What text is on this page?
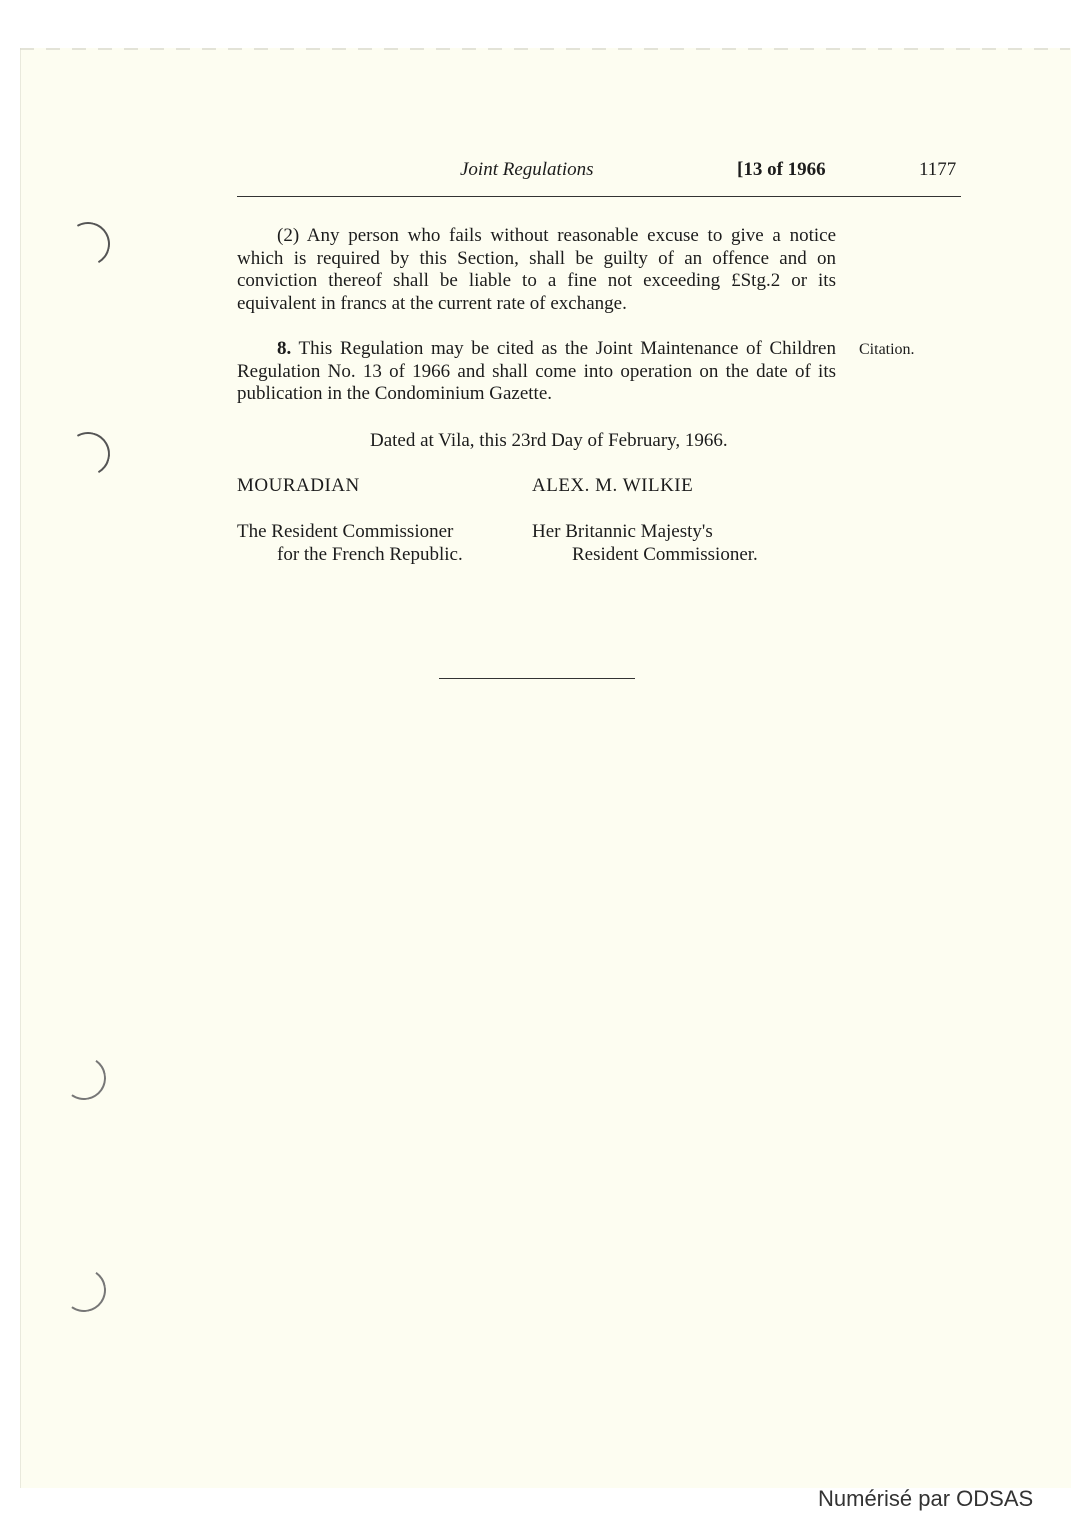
Joint Regulations	[13 of 1966	1177

(2) Any person who fails without reasonable excuse to give a notice which is required by this Section, shall be guilty of an offence and on conviction thereof shall be liable to a fine not exceeding £Stg.2 or its equivalent in francs at the current rate of exchange.

8. This Regulation may be cited as the Joint Maintenance of Children Regulation No. 13 of 1966 and shall come into operation on the date of its publication in the Condominium Gazette.

Citation.
Dated at Vila, this 23rd Day of February, 1966.
MOURADIAN	ALEX. M. WILKIE
The Resident Commissioner
for the French Republic.
Her Britannic Majesty's
Resident Commissioner.
Numérisé par ODSAS
